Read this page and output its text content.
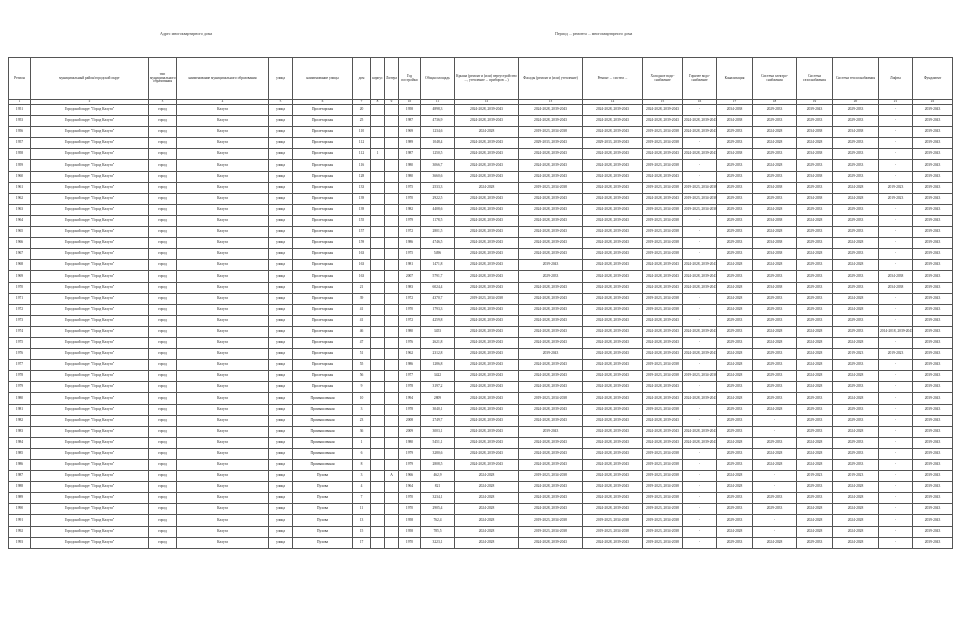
Адрес многоквартирного дома	Период ... ремонта ... многоквартирного дома
Регион	муниципальный район/городской округ	тип муниципального образования	наименование муниципального образования	улица	наименование улицы	дом	корпус	Литера	Год постройки	Общая площадь	Крыша (ремонт и (или) переустройство ..., утепление ... приборов ...)	Фасады (ремонт и (или) утепление)	Ремонт ... систем ...	Холодное водо-снабжение	Горячее водо-снабжение	Канализация	Система электро-снабжения	Система газоснабжения	Система теплоснабжения	Лифты	Фундамент
1	2	3	4	5	6	7	8	9	10	11	12	13	14	15	16	17	18	19	20	21	22
1951	Городской округ "Город Калуга"	город	Калуга	улица	Пролетарская	20			1958	4898,3	2024-2028, 2039-2043	2024-2028, 2039-2043	2024-2028, 2039-2043	2024-2028, 2039-2043	-	2034-2038	2029-2033	2039-2043	2029-2033	-	2039-2043
1953	Городской округ "Город Калуга"	город	Калуга	улица	Пролетарская	25			1987	4736,9	2024-2028, 2039-2043	2024-2028, 2039-2043	2024-2028, 2039-2043	2024-2028, 2039-2043	2024-2028, 2039-2043	2034-2038	2029-2033	2029-2033	2029-2033	-	2039-2043
1956	Городской округ "Город Калуга"	город	Калуга	улица	Пролетарская	110			1969	1234,6	2024-2028	2019-2023, 2034-2038	2024-2028, 2039-2043	2019-2023, 2034-2038	2024-2028, 2039-2043	2029-2033	2024-2028	2034-2038	2034-2038	-	2039-2043
1957	Городской округ "Город Калуга"	город	Калуга	улица	Пролетарская	112			1989	1048,4	2024-2028, 2039-2043	2029-2033, 2039-2043	2029-2033, 2039-2043	2019-2023, 2034-2038	-	2029-2033	2024-2028	2024-2028	2029-2033	-	2039-2043
1958	Городской округ "Город Калуга"	город	Калуга	улица	Пролетарская	112	1		1987	1250,5	2024-2028, 2039-2043	2024-2028, 2039-2043	2024-2028, 2039-2043	2024-2028, 2039-2043	2024-2028, 2039-2043	2034-2038	2029-2033	2034-2038	2029-2033	-	2039-2043
1959	Городской округ "Город Калуга"	город	Калуга	улица	Пролетарская	116			1980	3066,7	2024-2028, 2039-2043	2024-2028, 2039-2043	2024-2028, 2039-2043	2019-2023, 2034-2038	-	2029-2033	2024-2028	2029-2033	2029-2033	-	2039-2043
1960	Городской округ "Город Калуга"	город	Калуга	улица	Пролетарская	128			1980	3660,6	2024-2028, 2039-2043	2024-2028, 2039-2043	2024-2028, 2039-2043	2024-2028, 2039-2043	-	2029-2033	2029-2033	2034-2038	2029-2033	-	2039-2043
1961	Городской округ "Город Калуга"	город	Калуга	улица	Пролетарская	133			1975	2533,3	2024-2028	2019-2023, 2034-2038	2024-2028, 2039-2043	2019-2023, 2034-2038	2019-2023, 2034-2038	2029-2033	2034-2038	2029-2033	2024-2028	2019-2023	2039-2043
1962	Городской округ "Город Калуга"	город	Калуга	улица	Пролетарская	139			1970	2922,5	2024-2028, 2039-2043	2024-2028, 2039-2043	2024-2028, 2039-2043	2024-2028, 2039-2043	2019-2023, 2034-2038	2029-2033	2029-2033	2034-2038	2024-2028	2019-2023	2039-2043
1963	Городской округ "Город Калуга"	город	Калуга	улица	Пролетарская	139			1982	4408,6	2024-2028, 2039-2043	2024-2028, 2039-2043	2024-2028, 2039-2043	2019-2023, 2034-2038	2019-2023, 2034-2038	2029-2033	2024-2028	2029-2033	2029-2033	-	2039-2043
1964	Городской округ "Город Калуга"	город	Калуга	улица	Пролетарская	155			1979	1178,5	2024-2028, 2039-2043	2024-2028, 2039-2043	2024-2028, 2039-2043	2019-2023, 2034-2038	-	2029-2033	2034-2038	2024-2028	2029-2033	-	2039-2043
1965	Городской округ "Город Калуга"	город	Калуга	улица	Пролетарская	157			1972	2801,5	2024-2028, 2039-2043	2024-2028, 2039-2043	2024-2028, 2039-2043	2019-2023, 2034-2038	-	2029-2033	2024-2028	2029-2033	2029-2033	-	2039-2043
1966	Городской округ "Город Калуга"	город	Калуга	улица	Пролетарская	159			1986	4746,5	2024-2028, 2039-2043	2024-2028, 2039-2043	2024-2028, 2039-2043	2019-2023, 2034-2038	-	2029-2033	2034-2038	2029-2033	2024-2028	-	2039-2043
1967	Городской округ "Город Калуга"	город	Калуга	улица	Пролетарская	163			1975	5496	2024-2028, 2039-2043	2024-2028, 2039-2043	2024-2028, 2039-2043	2019-2023, 2034-2038	-	2029-2033	2034-2038	2024-2028	2029-2033	-	2039-2043
1968	Городской округ "Город Калуга"	город	Калуга	улица	Пролетарская	163			1981	1471,8	2024-2028, 2039-2043	2039-2043	2024-2028, 2039-2043	2024-2028, 2039-2043	2024-2028, 2039-2043	2024-2028	2024-2028	2029-2033	2024-2028	-	2039-2043
1969	Городской округ "Город Калуга"	город	Калуга	улица	Пролетарская	163			2007	5791,7	2024-2028, 2039-2043	2029-2033	2024-2028, 2039-2043	2024-2028, 2039-2043	2024-2028, 2039-2043	2029-2033	2029-2033	2029-2033	2029-2033	2034-2038	2039-2043
1970	Городской округ "Город Калуга"	город	Калуга	улица	Пролетарская	21			1983	6024,4	2024-2028, 2039-2043	2024-2028, 2039-2043	2024-2028, 2039-2043	2024-2028, 2039-2043	2024-2028, 2039-2043	2024-2028	2034-2038	2029-2033	2029-2033	2034-2038	2039-2043
1971	Городской округ "Город Калуга"	город	Калуга	улица	Пролетарская	39			1972	4370,7	2019-2023, 2034-2038	2024-2028, 2039-2043	2024-2028, 2039-2043	2019-2023, 2034-2038	-	2024-2028	2029-2033	2029-2033	2024-2028	-	2039-2043
1972	Городской округ "Город Калуга"	город	Калуга	улица	Пролетарская	41			1970	1793,3	2024-2028, 2039-2043	2024-2028, 2039-2043	2024-2028, 2039-2043	2019-2023, 2034-2038	-	2024-2028	2029-2033	2029-2033	2024-2028	-	2039-2043
1973	Городской округ "Город Калуга"	город	Калуга	улица	Пролетарская	41			1972	4259,8	2024-2028, 2039-2043	2024-2028, 2039-2043	2024-2028, 2039-2043	2024-2028, 2039-2043	-	2029-2033	2029-2033	2029-2033	2029-2033	-	2039-2043
1974	Городской округ "Город Калуга"	город	Калуга	улица	Пролетарская	46			1980	3453	2024-2028, 2039-2043	2024-2028, 2039-2043	2024-2028, 2039-2043	2024-2028, 2039-2043	2024-2028, 2039-2043	2029-2033	2024-2028	2024-2028	2029-2033	2014-2018, 2039-2043	2039-2043
1975	Городской округ "Город Калуга"	город	Калуга	улица	Пролетарская	47			1976	2621,8	2024-2028, 2039-2043	2024-2028, 2039-2043	2024-2028, 2039-2043	2024-2028, 2039-2043	-	2029-2033	2024-2028	2024-2028	2024-2028	-	2039-2043
1976	Городской округ "Город Калуга"	город	Калуга	улица	Пролетарская	51			1962	2312,8	2024-2028, 2039-2043	2039-2043	2024-2028, 2039-2043	2024-2028, 2039-2043	2024-2028, 2039-2043	2024-2028	2029-2033	2024-2028	2019-2023	2019-2023	2039-2043
1977	Городской округ "Город Калуга"	город	Калуга	улица	Пролетарская	55			1986	1286,8	2024-2028, 2039-2043	2024-2028, 2039-2043	2024-2028, 2039-2043	2019-2023, 2034-2038	-	2024-2028	2029-2033	2024-2028	2029-2033	-	2039-2043
1978	Городской округ "Город Калуга"	город	Калуга	улица	Пролетарская	56			1977	3422	2024-2028, 2039-2043	2024-2028, 2039-2043	2024-2028, 2039-2043	2019-2023, 2034-2038	2019-2023, 2034-2038	2024-2028	2029-2033	2024-2028	2024-2028	-	2039-2043
1979	Городской округ "Город Калуга"	город	Калуга	улица	Пролетарская	9			1978	3197,2	2024-2028, 2039-2043	2024-2028, 2039-2043	2024-2028, 2039-2043	2024-2028, 2039-2043	-	2029-2033	2029-2033	2024-2028	2029-2033	-	2039-2043
1980	Городской округ "Город Калуга"	город	Калуга	улица	Промышленная	10			1994	2809	2024-2028, 2039-2043	2019-2023, 2034-2038	2024-2028, 2039-2043	2024-2028, 2039-2043	2024-2028, 2039-2043	2024-2028	2029-2033	2029-2033	2024-2028	-	2039-2043
1981	Городской округ "Город Калуга"	город	Калуга	улица	Промышленная	3			1978	3040,1	2024-2028, 2039-2043	2024-2028, 2039-2043	2024-2028, 2039-2043	2019-2023, 2034-2038	-	2029-2033	2024-2028	2029-2033	2029-2033	-	2039-2043
1982	Городской округ "Город Калуга"	город	Калуга	улица	Промышленная	23			2008	2749,7	2024-2028, 2039-2043	2024-2028, 2039-2043	2024-2028, 2039-2043	2024-2028, 2039-2043	-	2029-2033	-	2029-2033	2029-2033	-	2039-2043
1983	Городской округ "Город Калуга"	город	Калуга	улица	Промышленная	36			2009	3003,1	2024-2028, 2039-2043	2039-2043	2024-2028, 2039-2043	2024-2028, 2039-2043	2024-2028, 2039-2043	2029-2033	-	2029-2033	2024-2028	-	2039-2043
1984	Городской округ "Город Калуга"	город	Калуга	улица	Промышленная	1			1980	5451,1	2024-2028, 2039-2043	2024-2028, 2039-2043	2024-2028, 2039-2043	2024-2028, 2039-2043	2024-2028, 2039-2043	2024-2028	2029-2033	2024-2028	2029-2033	-	2039-2043
1985	Городской округ "Город Калуга"	город	Калуга	улица	Промышленная	6			1979	3280,6	2024-2028, 2039-2043	2024-2028, 2039-2043	2024-2028, 2039-2043	2019-2023, 2034-2038	-	2029-2033	2024-2028	2024-2028	2029-2033	-	2039-2043
1986	Городской округ "Город Калуга"	город	Калуга	улица	Промышленная	8			1979	2808,5	2024-2028, 2039-2043	2024-2028, 2039-2043	2024-2028, 2039-2043	2019-2023, 2034-2038	-	2029-2033	2024-2028	2024-2028	2029-2033	-	2039-2043
1987	Городской округ "Город Калуга"	город	Калуга	улица	Пухова	3		А	1966	462,9	2024-2028	2019-2023, 2034-2038	2024-2028, 2039-2043	2019-2023, 2034-2038	-	2024-2028	-	2019-2023	2019-2023	-	2039-2043
1988	Городской округ "Город Калуга"	город	Калуга	улица	Пухова	4			1964	821	2024-2028	2024-2028, 2039-2043	2024-2028, 2039-2043	2019-2023, 2034-2038	-	2024-2028	-	2029-2033	2024-2028	-	2039-2043
1989	Городской округ "Город Калуга"	город	Калуга	улица	Пухова	7			1970	3234,1	2024-2028	2024-2028, 2039-2043	2024-2028, 2039-2043	2019-2023, 2034-2038	-	2029-2033	2029-2033	2029-2033	2024-2028	-	2039-2043
1990	Городской округ "Город Калуга"	город	Калуга	улица	Пухова	11			1970	2905,4	2024-2028	2024-2028, 2039-2043	2024-2028, 2039-2043	2019-2023, 2034-2038	-	2029-2033	2029-2033	2024-2028	2024-2028	-	2039-2043
1991	Городской округ "Город Калуга"	город	Калуга	улица	Пухова	13			1958	762,4	2024-2028	2019-2023, 2034-2038	2019-2023, 2034-2038	2019-2023, 2034-2038	-	2029-2033	-	2024-2028	2024-2028	-	2039-2043
1992	Городской округ "Город Калуга"	город	Калуга	улица	Пухова	15			1958	785,5	2024-2028	2019-2023, 2034-2038	2019-2023, 2034-2038	2019-2023, 2034-2038	-	2024-2028	-	2024-2028	2024-2028	-	2039-2043
1993	Городской округ "Город Калуга"	город	Калуга	улица	Пухова	17			1970	3223,1	2024-2028	2024-2028, 2039-2043	2024-2028, 2039-2043	2019-2023, 2034-2038	-	2029-2033	2024-2028	2029-2033	2024-2028	-	2039-2043
